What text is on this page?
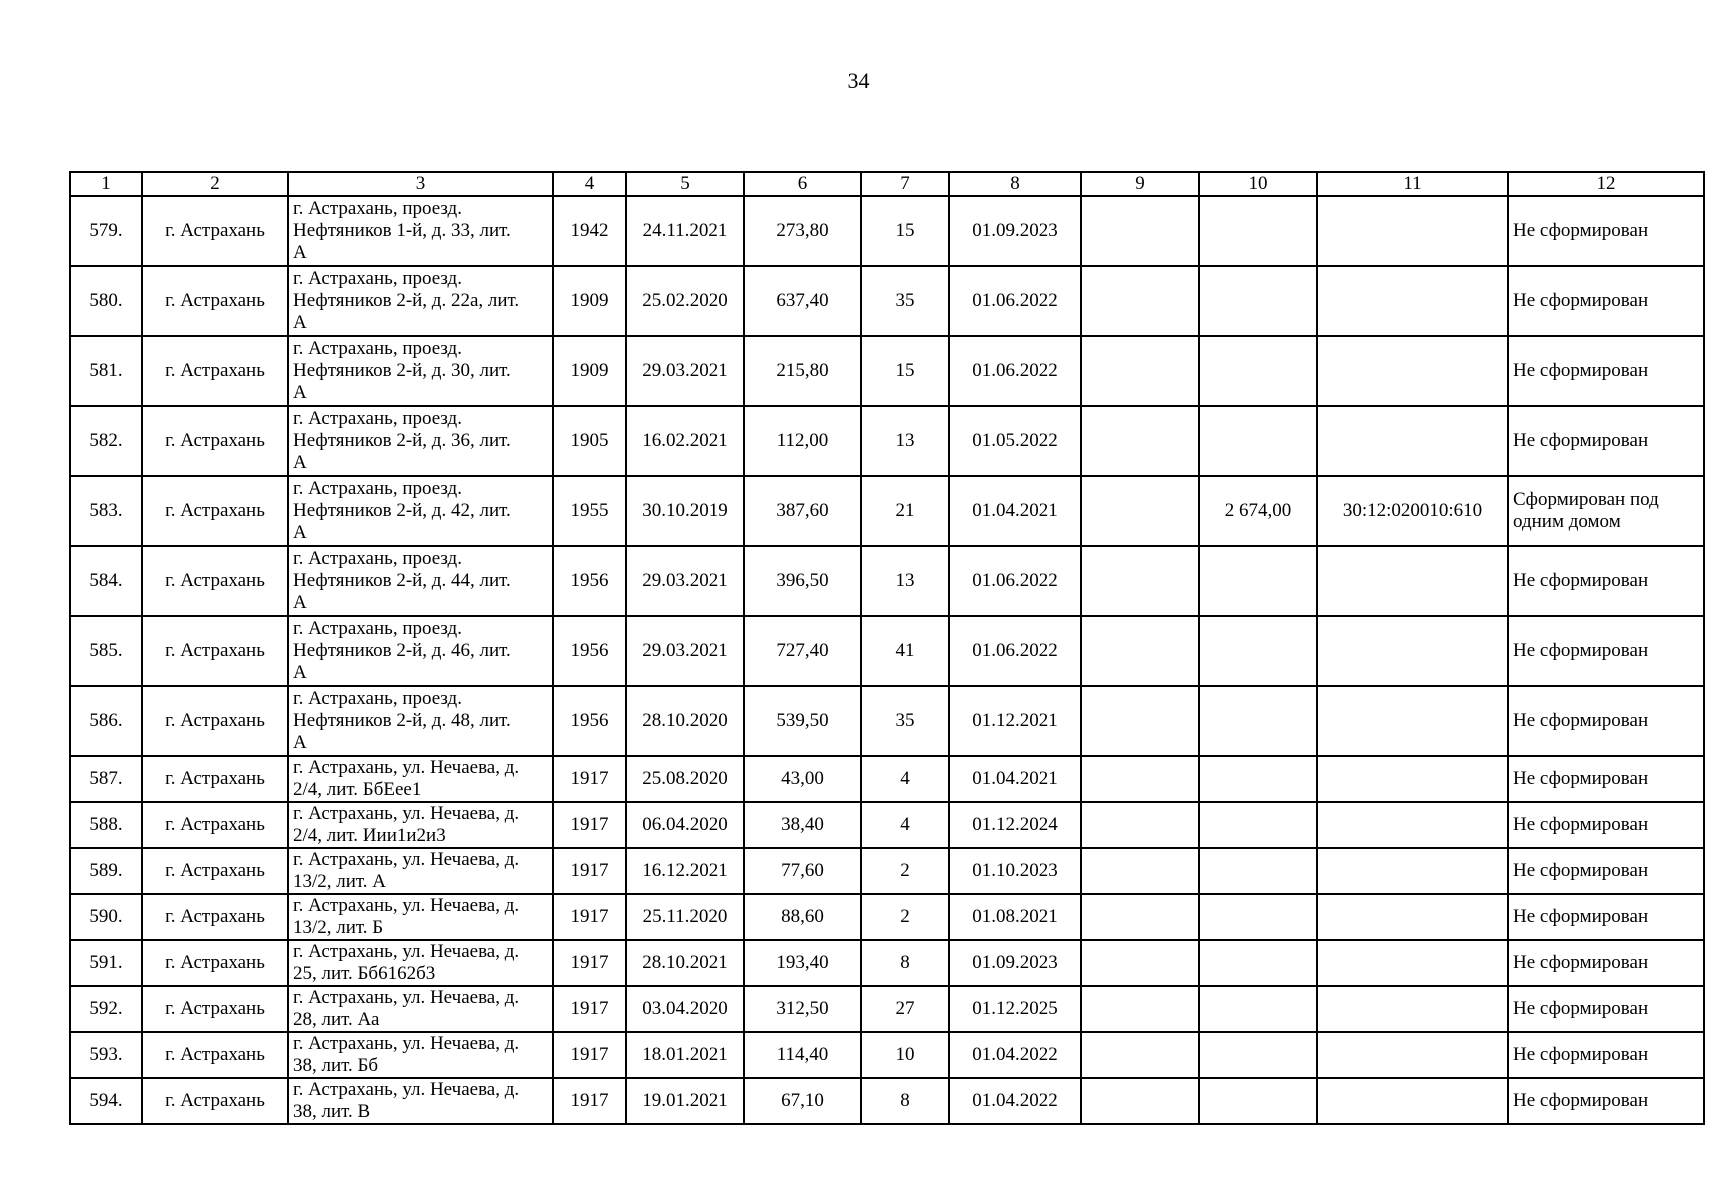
34
1	2	3	4	5	6	7	8	9	10	11	12
579.	г. Астрахань	г. Астрахань, проезд.
Нефтяников 1-й, д. 33, лит.
А	1942	24.11.2021	273,80	15	01.09.2023				Не сформирован
580.	г. Астрахань	г. Астрахань, проезд.
Нефтяников 2-й, д. 22а, лит.
А	1909	25.02.2020	637,40	35	01.06.2022				Не сформирован
581.	г. Астрахань	г. Астрахань, проезд.
Нефтяников 2-й, д. 30, лит.
А	1909	29.03.2021	215,80	15	01.06.2022				Не сформирован
582.	г. Астрахань	г. Астрахань, проезд.
Нефтяников 2-й, д. 36, лит.
А	1905	16.02.2021	112,00	13	01.05.2022				Не сформирован
583.	г. Астрахань	г. Астрахань, проезд.
Нефтяников 2-й, д. 42, лит.
А	1955	30.10.2019	387,60	21	01.04.2021		2 674,00	30:12:020010:610	Сформирован под одним домом
584.	г. Астрахань	г. Астрахань, проезд.
Нефтяников 2-й, д. 44, лит.
А	1956	29.03.2021	396,50	13	01.06.2022				Не сформирован
585.	г. Астрахань	г. Астрахань, проезд.
Нефтяников 2-й, д. 46, лит.
А	1956	29.03.2021	727,40	41	01.06.2022				Не сформирован
586.	г. Астрахань	г. Астрахань, проезд.
Нефтяников 2-й, д. 48, лит.
А	1956	28.10.2020	539,50	35	01.12.2021				Не сформирован
587.	г. Астрахань	г. Астрахань, ул. Нечаева, д.
2/4, лит. БбЕее1	1917	25.08.2020	43,00	4	01.04.2021				Не сформирован
588.	г. Астрахань	г. Астрахань, ул. Нечаева, д.
2/4, лит. Иии1и2и3	1917	06.04.2020	38,40	4	01.12.2024				Не сформирован
589.	г. Астрахань	г. Астрахань, ул. Нечаева, д.
13/2, лит. А	1917	16.12.2021	77,60	2	01.10.2023				Не сформирован
590.	г. Астрахань	г. Астрахань, ул. Нечаева, д.
13/2, лит. Б	1917	25.11.2020	88,60	2	01.08.2021				Не сформирован
591.	г. Астрахань	г. Астрахань, ул. Нечаева, д.
25, лит. Бб6162б3	1917	28.10.2021	193,40	8	01.09.2023				Не сформирован
592.	г. Астрахань	г. Астрахань, ул. Нечаева, д.
28, лит. Аа	1917	03.04.2020	312,50	27	01.12.2025				Не сформирован
593.	г. Астрахань	г. Астрахань, ул. Нечаева, д.
38, лит. Бб	1917	18.01.2021	114,40	10	01.04.2022				Не сформирован
594.	г. Астрахань	г. Астрахань, ул. Нечаева, д.
38, лит. В	1917	19.01.2021	67,10	8	01.04.2022				Не сформирован
